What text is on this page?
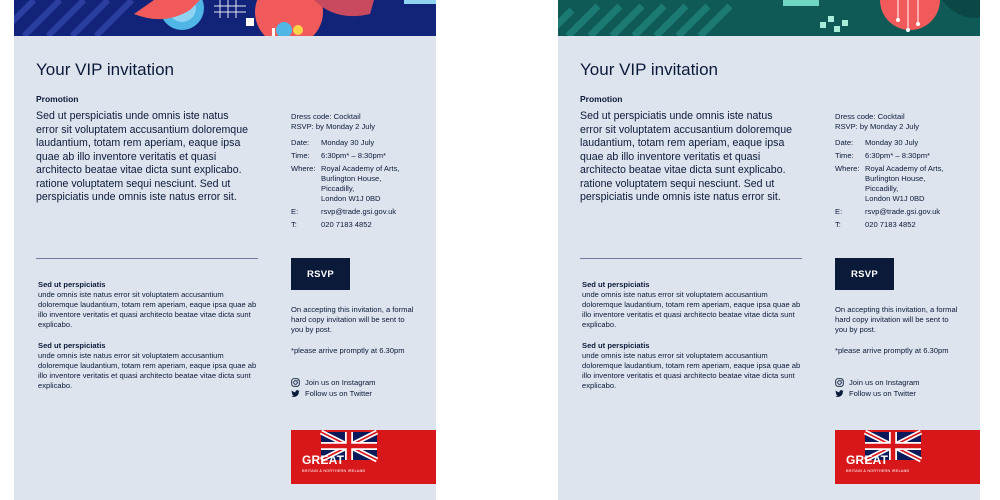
Your VIP invitation
Promotion

Sed ut perspiciatis unde omnis iste natus error sit voluptatem accusantium doloremque laudantium, totam rem aperiam, eaque ipsa quae ab illo inventore veritatis et quasi architecto beatae vitae dicta sunt explicabo. ratione voluptatem sequi nesciunt. Sed ut perspiciatis unde omnis iste natus error sit.

Sed ut perspiciatis
unde omnis iste natus error sit voluptatem accusantium doloremque laudantium, totam rem aperiam, eaque ipsa quae ab illo inventore veritatis et quasi architecto beatae vitae dicta sunt explicabo.
Sed ut perspiciatis
unde omnis iste natus error sit voluptatem accusantium doloremque laudantium, totam rem aperiam, eaque ipsa quae ab illo inventore veritatis et quasi architecto beatae vitae dicta sunt explicabo.
Dress code: Cocktail
RSVP: by Monday 2 July
Date:	Monday 30 July
Time:	6:30pm* – 8:30pm*
Where: Royal Academy of Arts,
Burlington House,
Piccadilly,
London W1J 0BD
E:	rsvp@trade.gsi.gov.uk
T:	020 7183 4852
RSVP

On accepting this invitation, a formal hard copy invitation will be sent to you by post.

*please arrive promptly at 6.30pm

Join us on Instagram
Follow us on Twitter
GREAT
BRITAIN & NORTHERN IRELAND
Your VIP invitation
Promotion

Sed ut perspiciatis unde omnis iste natus error sit voluptatem accusantium doloremque laudantium, totam rem aperiam, eaque ipsa quae ab illo inventore veritatis et quasi architecto beatae vitae dicta sunt explicabo. ratione voluptatem sequi nesciunt. Sed ut perspiciatis unde omnis iste natus error sit.

Sed ut perspiciatis
unde omnis iste natus error sit voluptatem accusantium doloremque laudantium, totam rem aperiam, eaque ipsa quae ab illo inventore veritatis et quasi architecto beatae vitae dicta sunt explicabo.
Sed ut perspiciatis
unde omnis iste natus error sit voluptatem accusantium doloremque laudantium, totam rem aperiam, eaque ipsa quae ab illo inventore veritatis et quasi architecto beatae vitae dicta sunt explicabo.
Dress code: Cocktail
RSVP: by Monday 2 July
Date:	Monday 30 July
Time:	6:30pm* – 8:30pm*
Where: Royal Academy of Arts,
Burlington House,
Piccadilly,
London W1J 0BD
E:	rsvp@trade.gsi.gov.uk
T:	020 7183 4852
RSVP

On accepting this invitation, a formal hard copy invitation will be sent to you by post.

*please arrive promptly at 6.30pm

Join us on Instagram
Follow us on Twitter
GREAT
BRITAIN & NORTHERN IRELAND
